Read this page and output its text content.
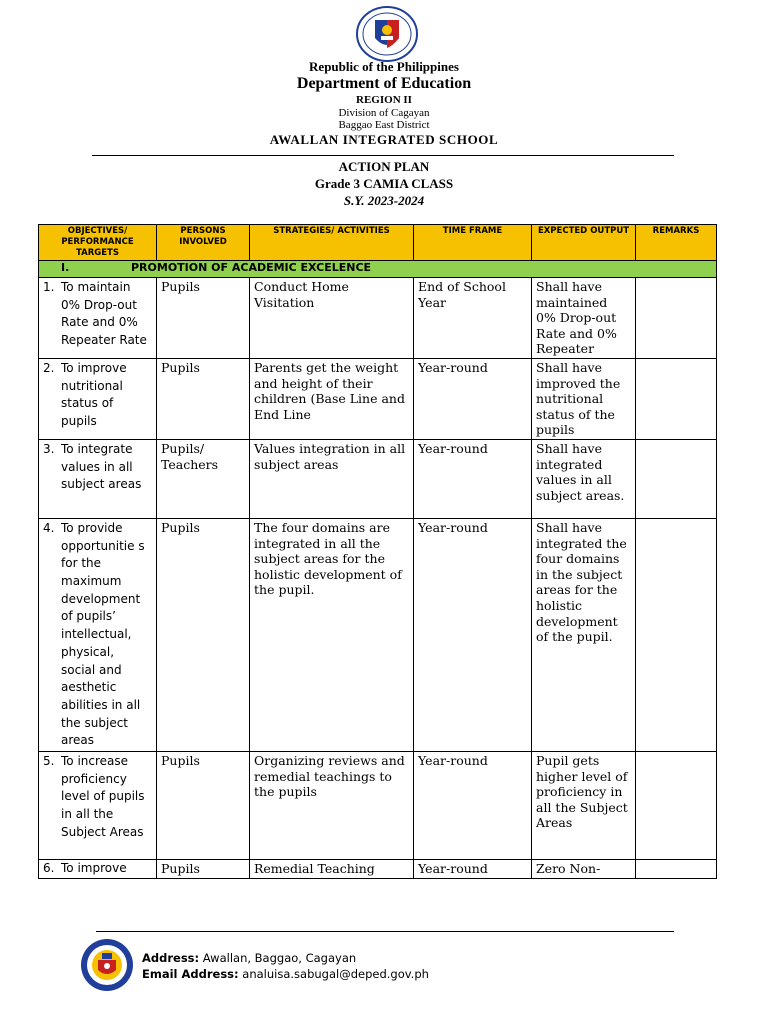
Republic of the Philippines
Department of Education
REGION II
Division of Cagayan
Baggao East District
AWALLAN INTEGRATED SCHOOL
ACTION PLAN
Grade 3 CAMIA CLASS
S.Y. 2023-2024
OBJECTIVES/ PERFORMANCE TARGETS	PERSONS INVOLVED	STRATEGIES/ ACTIVITIES	TIME FRAME	EXPECTED OUTPUT	REMARKS
I. PROMOTION OF ACADEMIC EXCELENCE					

1. To maintain 0% Drop-out Rate and 0% Repeater Rate	Pupils	Conduct Home Visitation	End of School Year	Shall have maintained 0% Drop-out Rate and 0% Repeater	

2. To improve nutritional status of pupils	Pupils	Parents get the weight and height of their children (Base Line and End Line	Year-round	Shall have improved the nutritional status of the pupils	

3. To integrate values in all subject areas	Pupils/ Teachers	Values integration in all subject areas	Year-round	Shall have integrated values in all subject areas.	

4. To provide opportunitie s for the maximum development of pupils’ intellectual, physical, social and aesthetic abilities in all the subject areas	Pupils	The four domains are integrated in all the subject areas for the holistic development of the pupil.	Year-round	Shall have integrated the four domains in the subject areas for the holistic development of the pupil.	

5. To increase proficiency level of pupils in all the Subject Areas	Pupils	Organizing reviews and remedial teachings to the pupils	Year-round	Pupil gets higher level of proficiency in all the Subject Areas	

6. To improve	Pupils	Remedial Teaching	Year-round	Zero Non-	
Address: Awallan, Baggao, Cagayan
Email Address: analuisa.sabugal@deped.gov.ph
